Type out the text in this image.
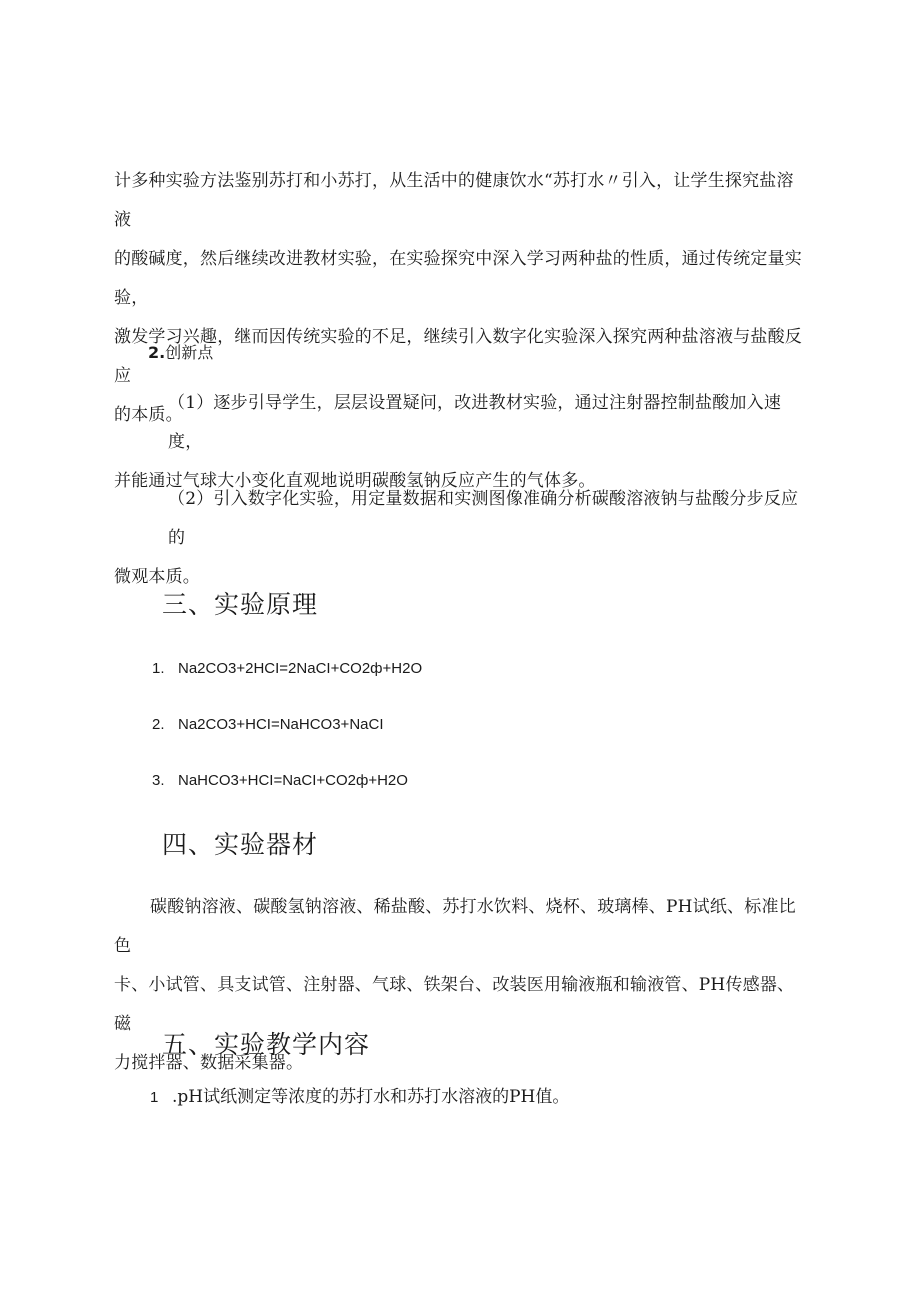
计多种实验方法鉴别苏打和小苏打，从生活中的健康饮水“苏打水〃引入，让学生探究盐溶液

的酸碱度，然后继续改进教材实验，在实验探究中深入学习两种盐的性质，通过传统定量实验，

激发学习兴趣，继而因传统实验的不足，继续引入数字化实验深入探究两种盐溶液与盐酸反应

的本质。

2.创新点

（1）逐步引导学生，层层设置疑问，改进教材实验，通过注射器控制盐酸加入速度，

并能通过气球大小变化直观地说明碳酸氢钠反应产生的气体多。

（2）引入数字化实验，用定量数据和实测图像准确分析碳酸溶液钠与盐酸分步反应的

微观本质。

三、实验原理
1. Na2CO3+2HCI=2NaCI+CO2ф+H2O
2. Na2CO3+HCI=NaHCO3+NaCI
3. NaHCO3+HCI=NaCI+CO2ф+H2O
四、实验器材

碳酸钠溶液、碳酸氢钠溶液、稀盐酸、苏打水饮料、烧杯、玻璃棒、PH试纸、标准比色

卡、小试管、具支试管、注射器、气球、铁架台、改装医用输液瓶和输液管、PH传感器、磁

力搅拌器、数据采集器。

五、实验教学内容
1 .pH试纸测定等浓度的苏打水和苏打水溶液的PH值。
